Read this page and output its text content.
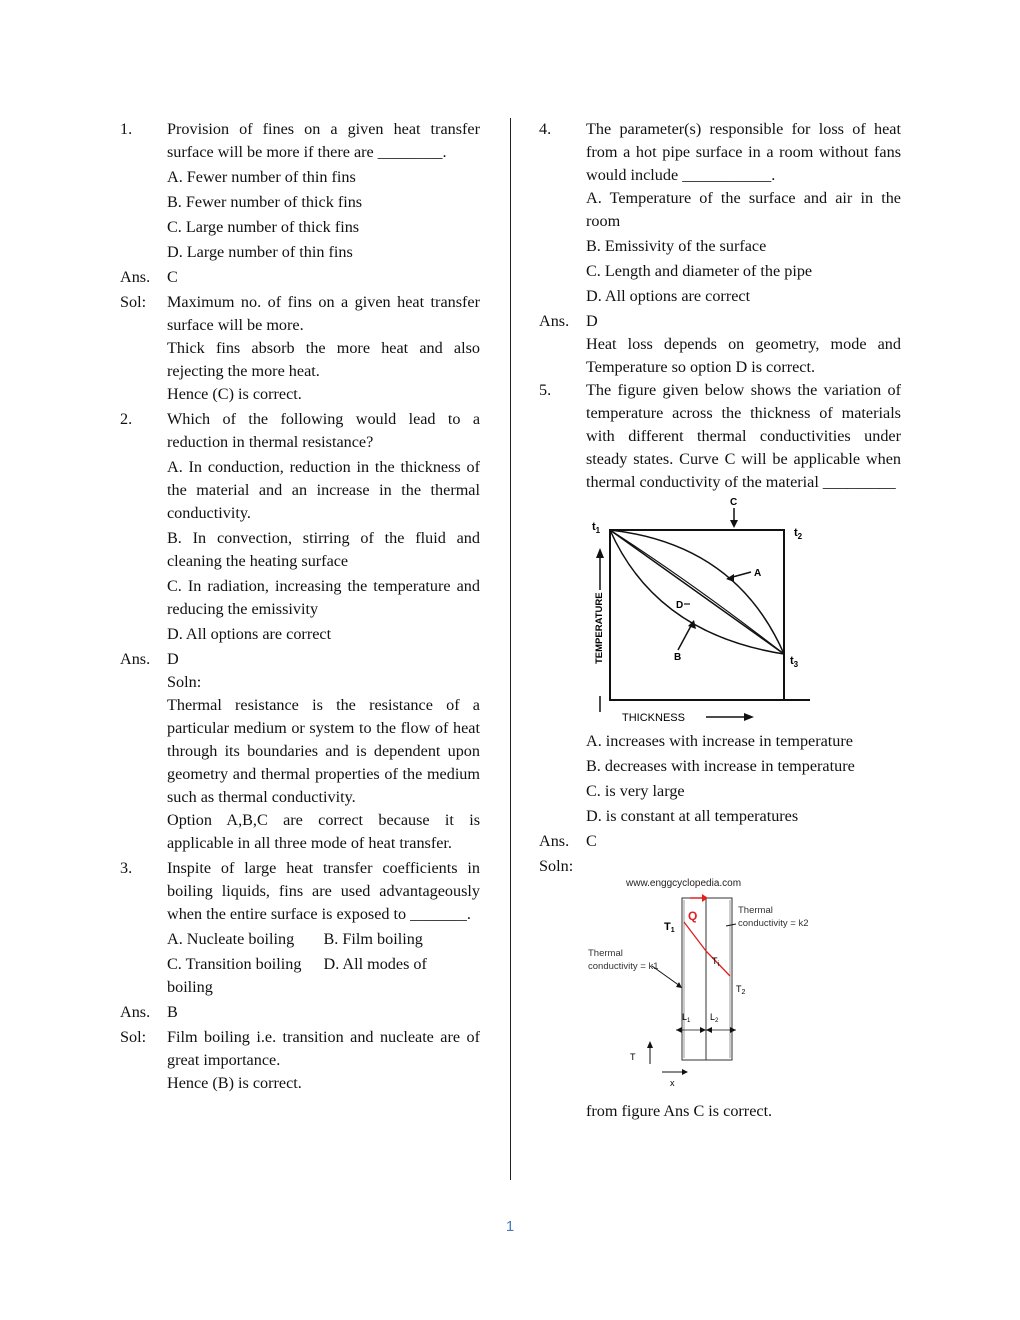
1.	Provision of fines on a given heat transfer surface will be more if there are ________.
A. Fewer number of thin fins
B. Fewer number of thick fins
C. Large number of thick fins
D. Large number of thin fins
Ans.	C
Sol:	Maximum no. of fins on a given heat transfer surface will be more.
Thick fins absorb the more heat and also rejecting the more heat.
Hence (C) is correct.
2.	Which of the following would lead to a reduction in thermal resistance?
A. In conduction, reduction in the thickness of the material and an increase in the thermal conductivity.
B. In convection, stirring of the fluid and cleaning the heating surface
C. In radiation, increasing the temperature and reducing the emissivity
D. All options are correct
Ans.	D
Soln:
Thermal resistance is the resistance of a particular medium or system to the flow of heat through its boundaries and is dependent upon geometry and thermal properties of the medium such as thermal conductivity.
Option A,B,C are correct because it is applicable in all three mode of heat transfer.
3.	Inspite of large heat transfer coefficients in boiling liquids, fins are used advantageously when the entire surface is exposed to _______.
A. Nucleate boiling	B. Film boiling
C. Transition boiling	D. All modes of
boiling
Ans.	B
Sol:	Film boiling i.e. transition and nucleate are of great importance.
Hence (B) is correct.
4.	The parameter(s) responsible for loss of heat from a hot pipe surface in a room without fans would include ___________.
A. Temperature of the surface and air in the room
B. Emissivity of the surface
C. Length and diameter of the pipe
D. All options are correct
Ans.	D
Heat loss depends on geometry, mode and Temperature so option D is correct.
5.	The figure given below shows the variation of temperature across the thickness of materials with different thermal conductivities under steady states. Curve C will be applicable when thermal conductivity of the material _________
$t_1$	$t_2$
$t_3$
C
A
B
D
TEMPERATURE
THICKNESS
A. increases with increase in temperature
B. decreases with increase in temperature
C. is very large
D. is constant at all temperatures
Ans.	C
Soln:
www.enggcyclopedia.com
Q
T1
$T_i$
$T_2$
Thermal
conductivity = k2
Thermal
conductivity = k1
$L_1$ $L_2$
T
x
from figure Ans C is correct.
1
